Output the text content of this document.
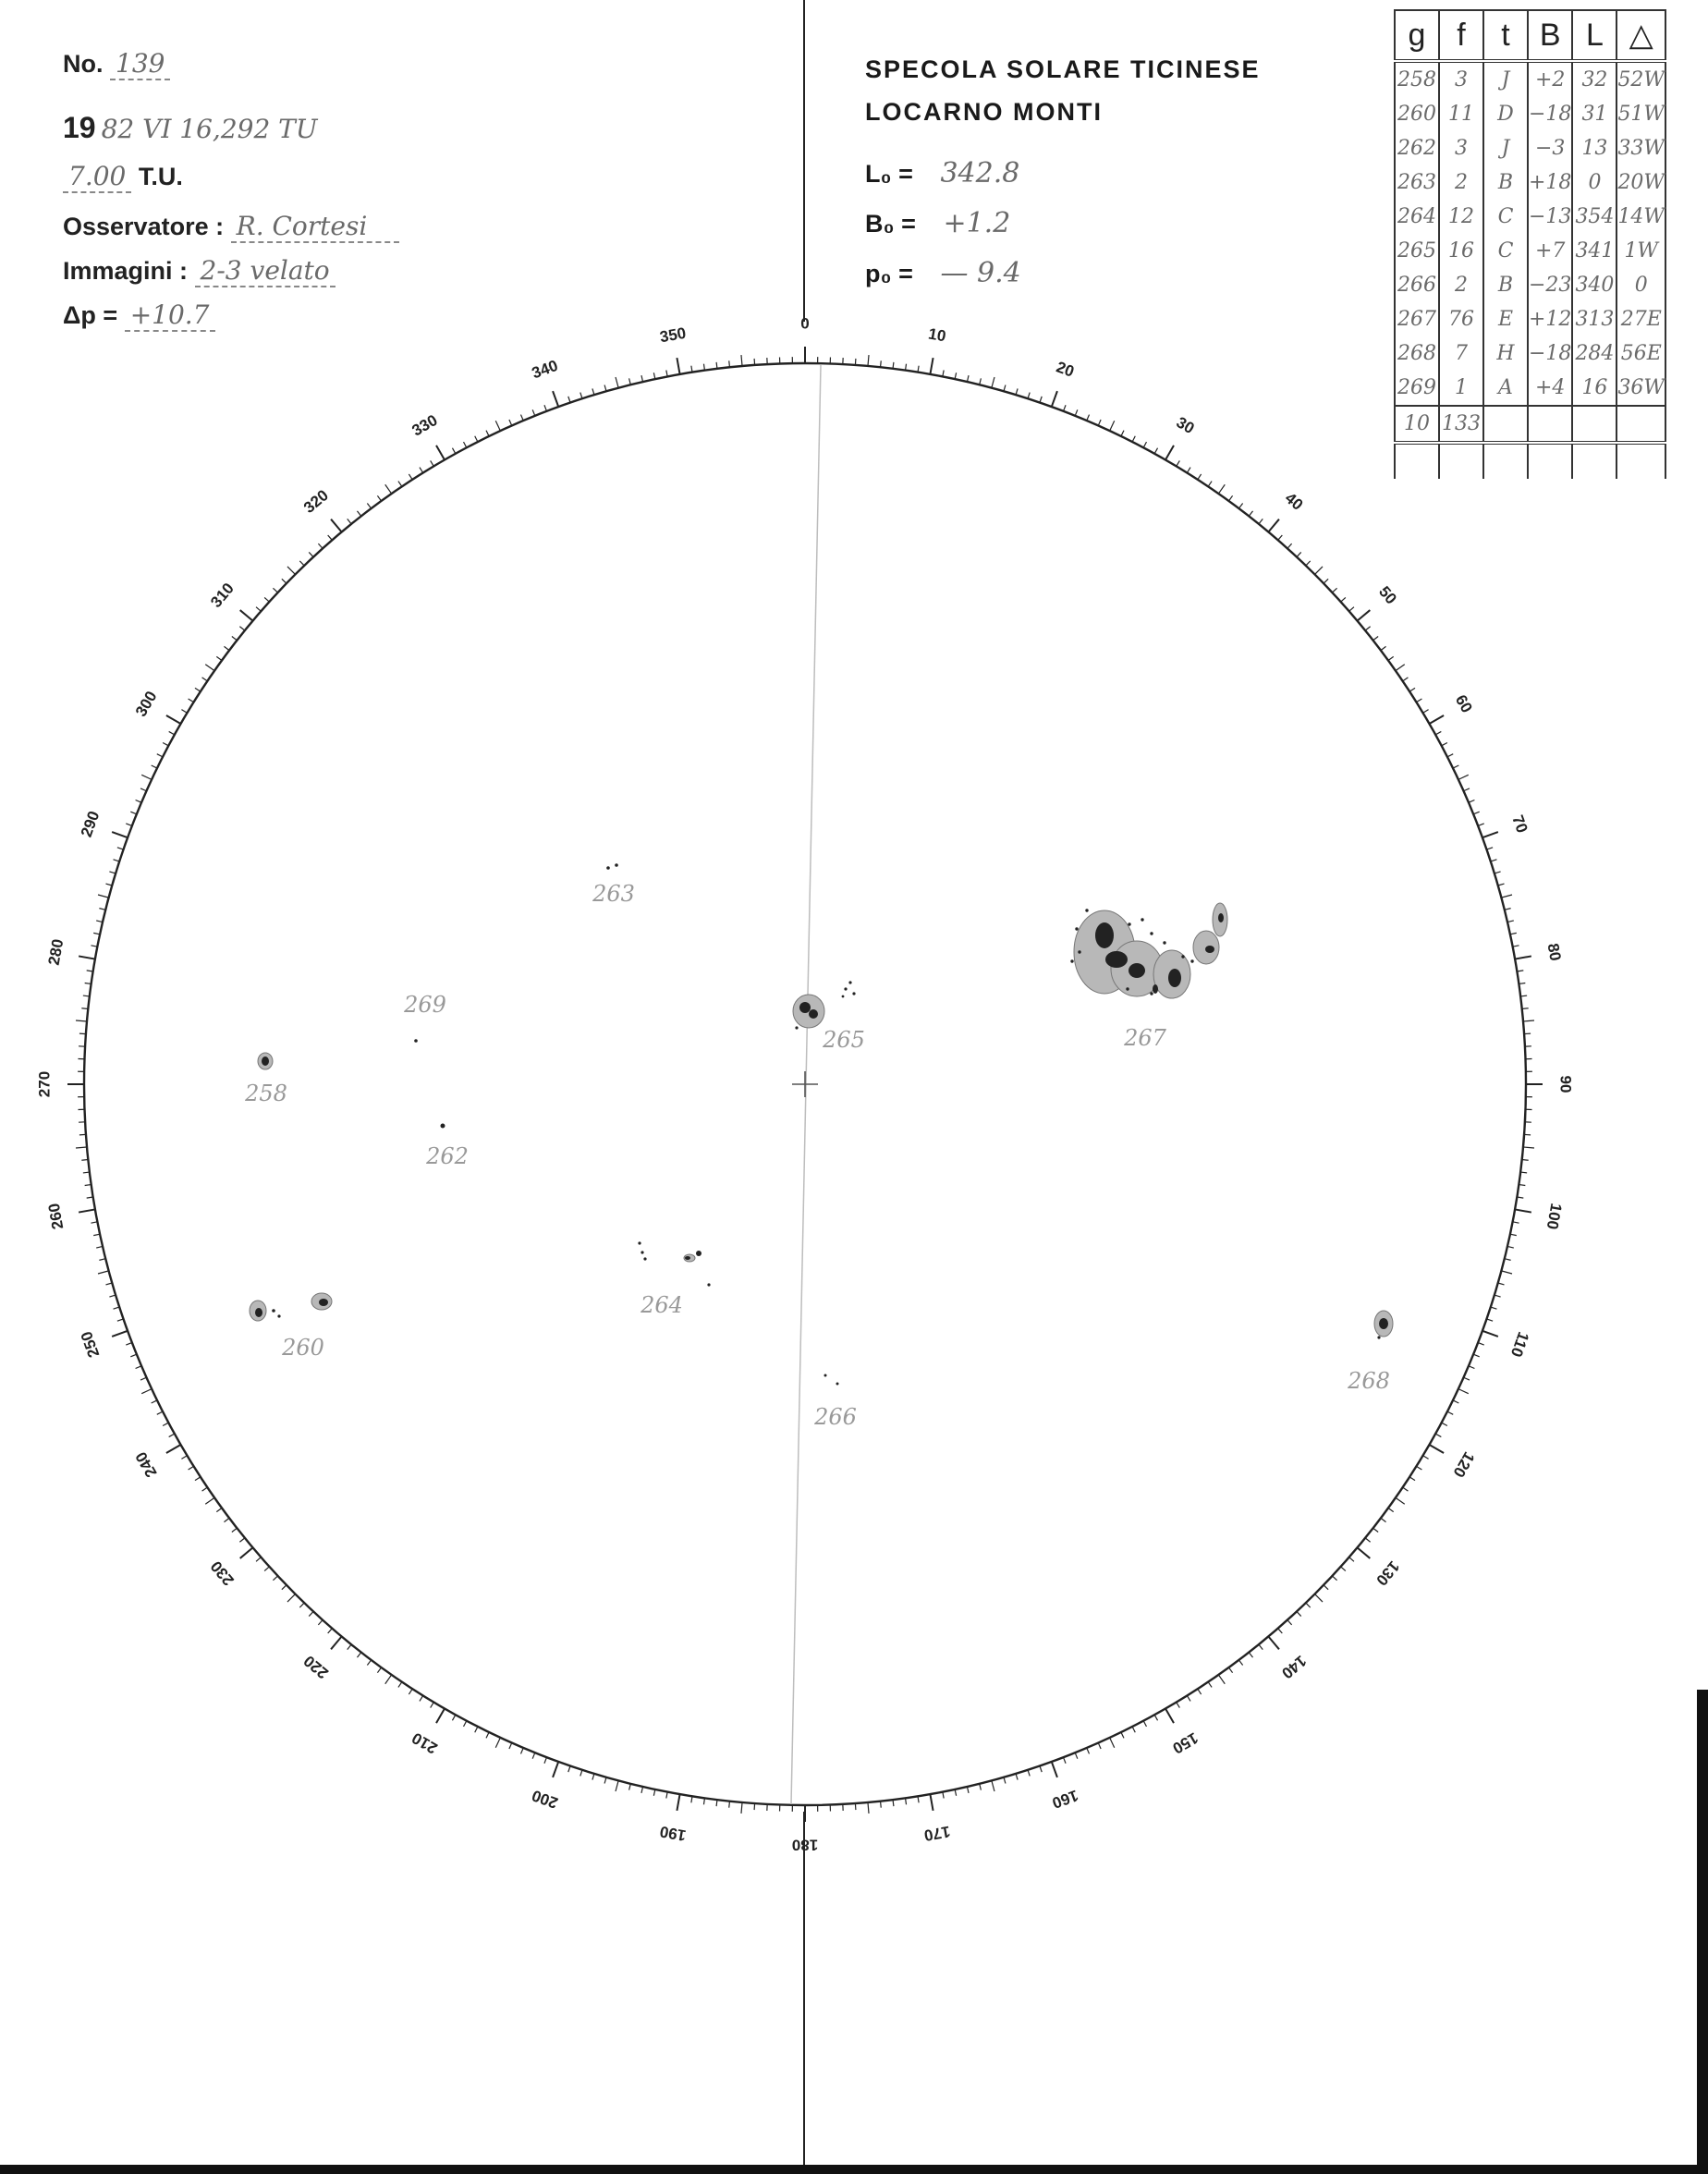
No. 139
19 82 VI 16,292 TU
7.00 T.U.
Osservatore : R. Cortesi
Immagini : 2-3 velato
Δp = +10.7
SPECOLA SOLARE TICINESE
LOCARNO MONTI
L₀ = 342.8
B₀ = +1.2
p₀ = — 9.4
g	f	t	B	L	△
258	3	J	+2	32	52W
260	11	D	−18	31	51W
262	3	J	−3	13	33W
263	2	B	+18	0	20W
264	12	C	−13	354	14W
265	16	C	+7	341	1W
266	2	B	−23	340	0
267	76	E	+12	313	27E
268	7	H	−18	284	56E
269	1	A	+4	16	36W
10	133				

0
10
20
30
40
50
60
70
80
90
100
110
120
130
140
150
160
170
180
190
200
210
220
230
240
250
260
270
280
290
300
310
320
330
340
350
263
269
258
262
265	267
264
260
266
268
